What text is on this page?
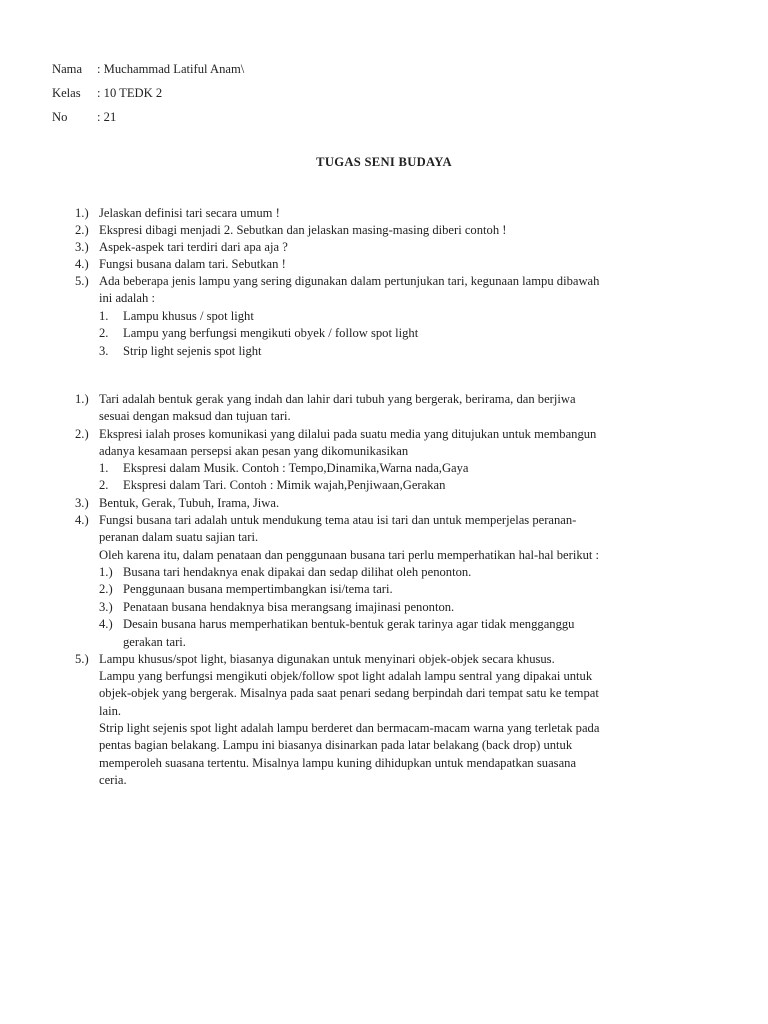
Nama : Muchammad Latiful Anam\
Kelas : 10 TEDK 2
No : 21
TUGAS SENI BUDAYA
1.) Jelaskan definisi tari secara umum !
2.) Ekspresi dibagi menjadi 2. Sebutkan dan jelaskan masing-masing diberi contoh !
3.) Aspek-aspek tari terdiri dari apa aja ?
4.) Fungsi busana dalam tari. Sebutkan !
5.) Ada beberapa jenis lampu yang sering digunakan dalam pertunjukan tari, kegunaan lampu dibawah
ini adalah :
1. Lampu khusus / spot light
2. Lampu yang berfungsi mengikuti obyek / follow spot light
3. Strip light sejenis spot light
1.) Tari adalah bentuk gerak yang indah dan lahir dari tubuh yang bergerak, berirama, dan berjiwa
sesuai dengan maksud dan tujuan tari.
2.) Ekspresi ialah proses komunikasi yang dilalui pada suatu media yang ditujukan untuk membangun
adanya kesamaan persepsi akan pesan yang dikomunikasikan
1. Ekspresi dalam Musik. Contoh : Tempo,Dinamika,Warna nada,Gaya
2. Ekspresi dalam Tari. Contoh : Mimik wajah,Penjiwaan,Gerakan
3.) Bentuk, Gerak, Tubuh, Irama, Jiwa.
4.) Fungsi busana tari adalah untuk mendukung tema atau isi tari dan untuk memperjelas peranan-
peranan dalam suatu sajian tari.
Oleh karena itu, dalam penataan dan penggunaan busana tari perlu memperhatikan hal-hal berikut :
1.) Busana tari hendaknya enak dipakai dan sedap dilihat oleh penonton.
2.) Penggunaan busana mempertimbangkan isi/tema tari.
3.) Penataan busana hendaknya bisa merangsang imajinasi penonton.
4.) Desain busana harus memperhatikan bentuk-bentuk gerak tarinya agar tidak mengganggu
gerakan tari.
5.) Lampu khusus/spot light, biasanya digunakan untuk menyinari objek-objek secara khusus.
Lampu yang berfungsi mengikuti objek/follow spot light adalah lampu sentral yang dipakai untuk
objek-objek yang bergerak. Misalnya pada saat penari sedang berpindah dari tempat satu ke tempat
lain.
Strip light sejenis spot light adalah lampu berderet dan bermacam-macam warna yang terletak pada
pentas bagian belakang. Lampu ini biasanya disinarkan pada latar belakang (back drop) untuk
memperoleh suasana tertentu. Misalnya lampu kuning dihidupkan untuk mendapatkan suasana
ceria.
